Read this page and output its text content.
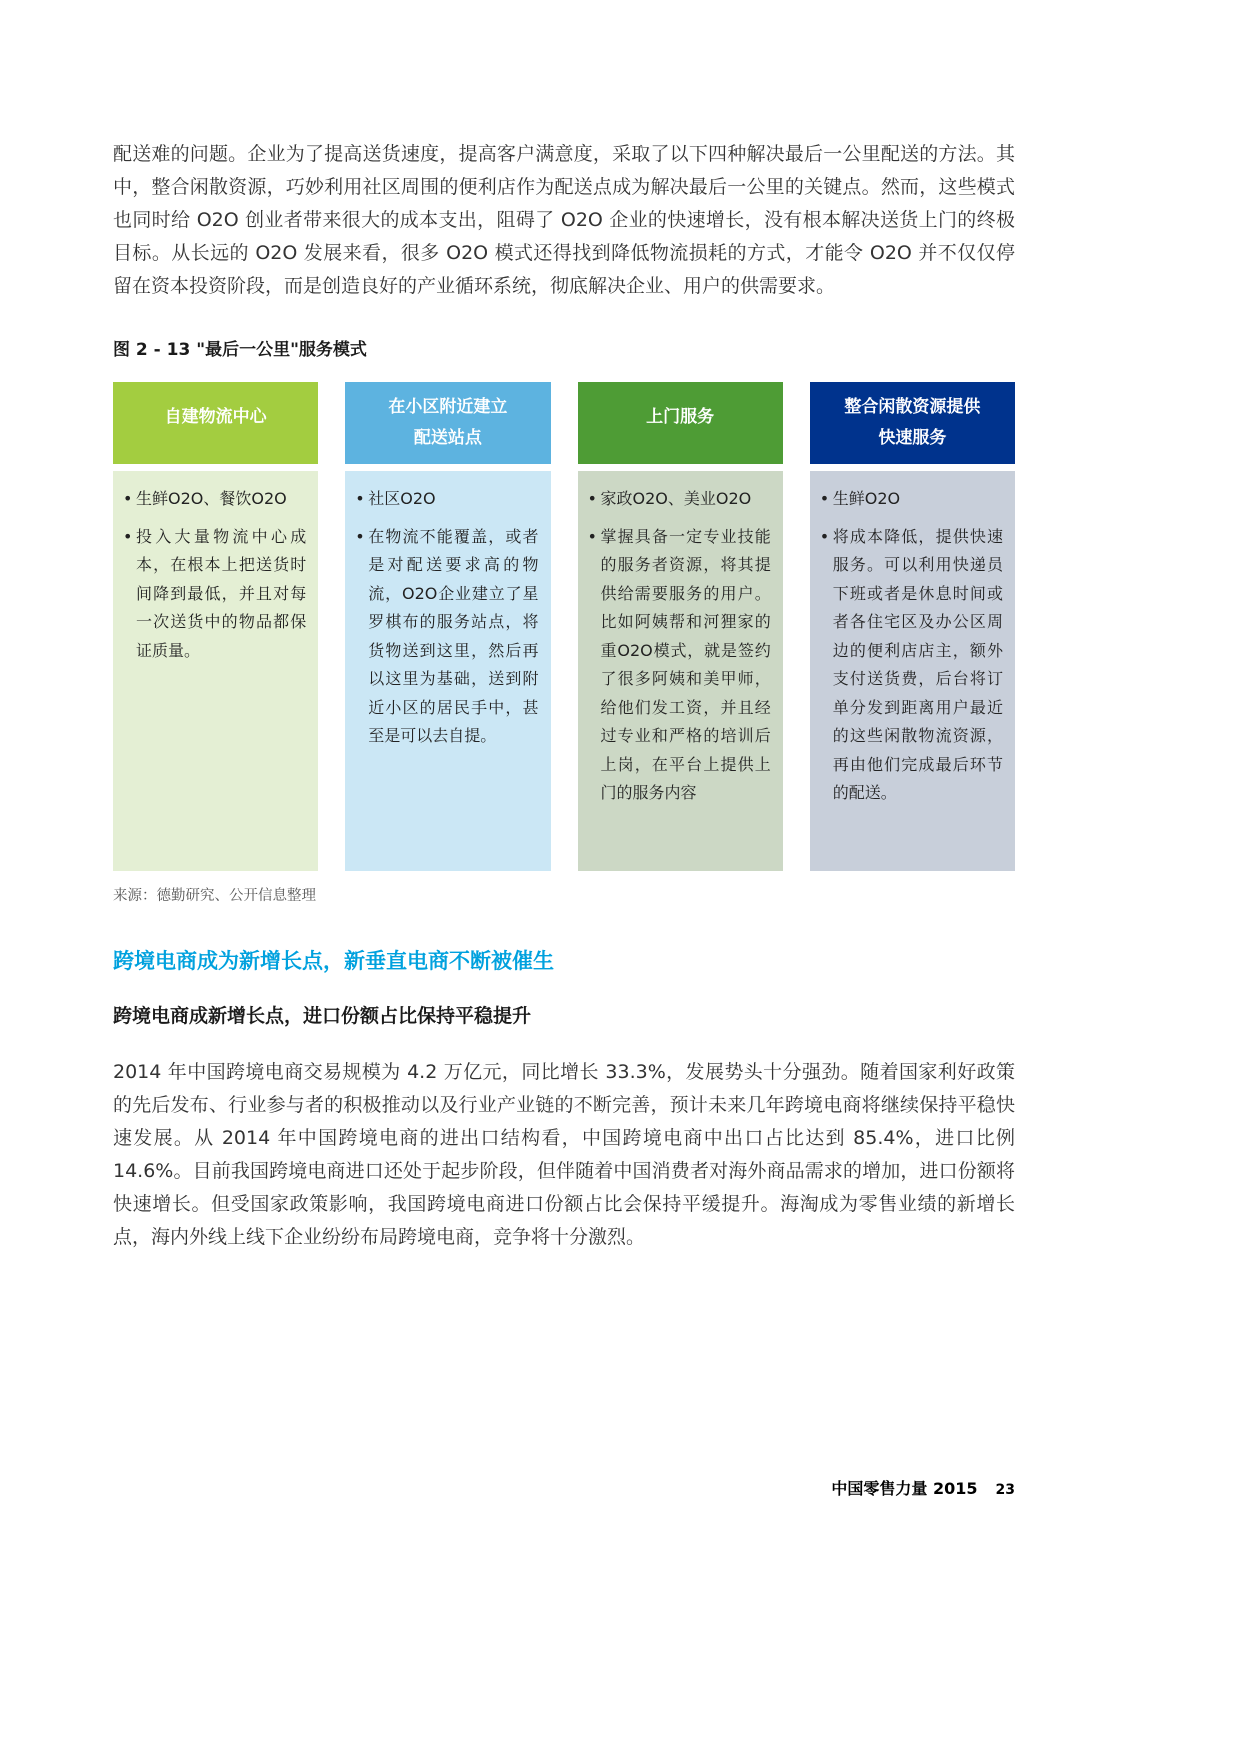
配送难的问题。企业为了提高送货速度，提高客户满意度，采取了以下四种解决最后一公里配送的方法。其中，整合闲散资源，巧妙利用社区周围的便利店作为配送点成为解决最后一公里的关键点。然而，这些模式也同时给 O2O 创业者带来很大的成本支出，阻碍了 O2O 企业的快速增长，没有根本解决送货上门的终极目标。从长远的 O2O 发展来看，很多 O2O 模式还得找到降低物流损耗的方式，才能令 O2O 并不仅仅停留在资本投资阶段，而是创造良好的产业循环系统，彻底解决企业、用户的供需要求。

图 2 - 13 "最后一公里"服务模式
自建物流中心
• 生鲜O2O、餐饮O2O
• 投入大量物流中心成本，在根本上把送货时间降到最低，并且对每一次送货中的物品都保证质量。
在小区附近建立
配送站点
• 社区O2O
• 在物流不能覆盖，或者是对配送要求高的物流，O2O企业建立了星罗棋布的服务站点，将货物送到这里，然后再以这里为基础，送到附近小区的居民手中，甚至是可以去自提。
上门服务
• 家政O2O、美业O2O
• 掌握具备一定专业技能的服务者资源，将其提供给需要服务的用户。比如阿姨帮和河狸家的重O2O模式，就是签约了很多阿姨和美甲师，给他们发工资，并且经过专业和严格的培训后上岗，在平台上提供上门的服务内容
整合闲散资源提供
快速服务
• 生鲜O2O
• 将成本降低，提供快速服务。可以利用快递员下班或者是休息时间或者各住宅区及办公区周边的便利店店主，额外支付送货费，后台将订单分发到距离用户最近的这些闲散物流资源，再由他们完成最后环节的配送。
来源：德勤研究、公开信息整理
跨境电商成为新增长点，新垂直电商不断被催生
跨境电商成新增长点，进口份额占比保持平稳提升

2014 年中国跨境电商交易规模为 4.2 万亿元，同比增长 33.3%，发展势头十分强劲。随着国家利好政策的先后发布、行业参与者的积极推动以及行业产业链的不断完善，预计未来几年跨境电商将继续保持平稳快速发展。从 2014 年中国跨境电商的进出口结构看，中国跨境电商中出口占比达到 85.4%，进口比例 14.6%。目前我国跨境电商进口还处于起步阶段，但伴随着中国消费者对海外商品需求的增加，进口份额将快速增长。但受国家政策影响，我国跨境电商进口份额占比会保持平缓提升。海淘成为零售业绩的新增长点，海内外线上线下企业纷纷布局跨境电商，竞争将十分激烈。

中国零售力量 2015 23
